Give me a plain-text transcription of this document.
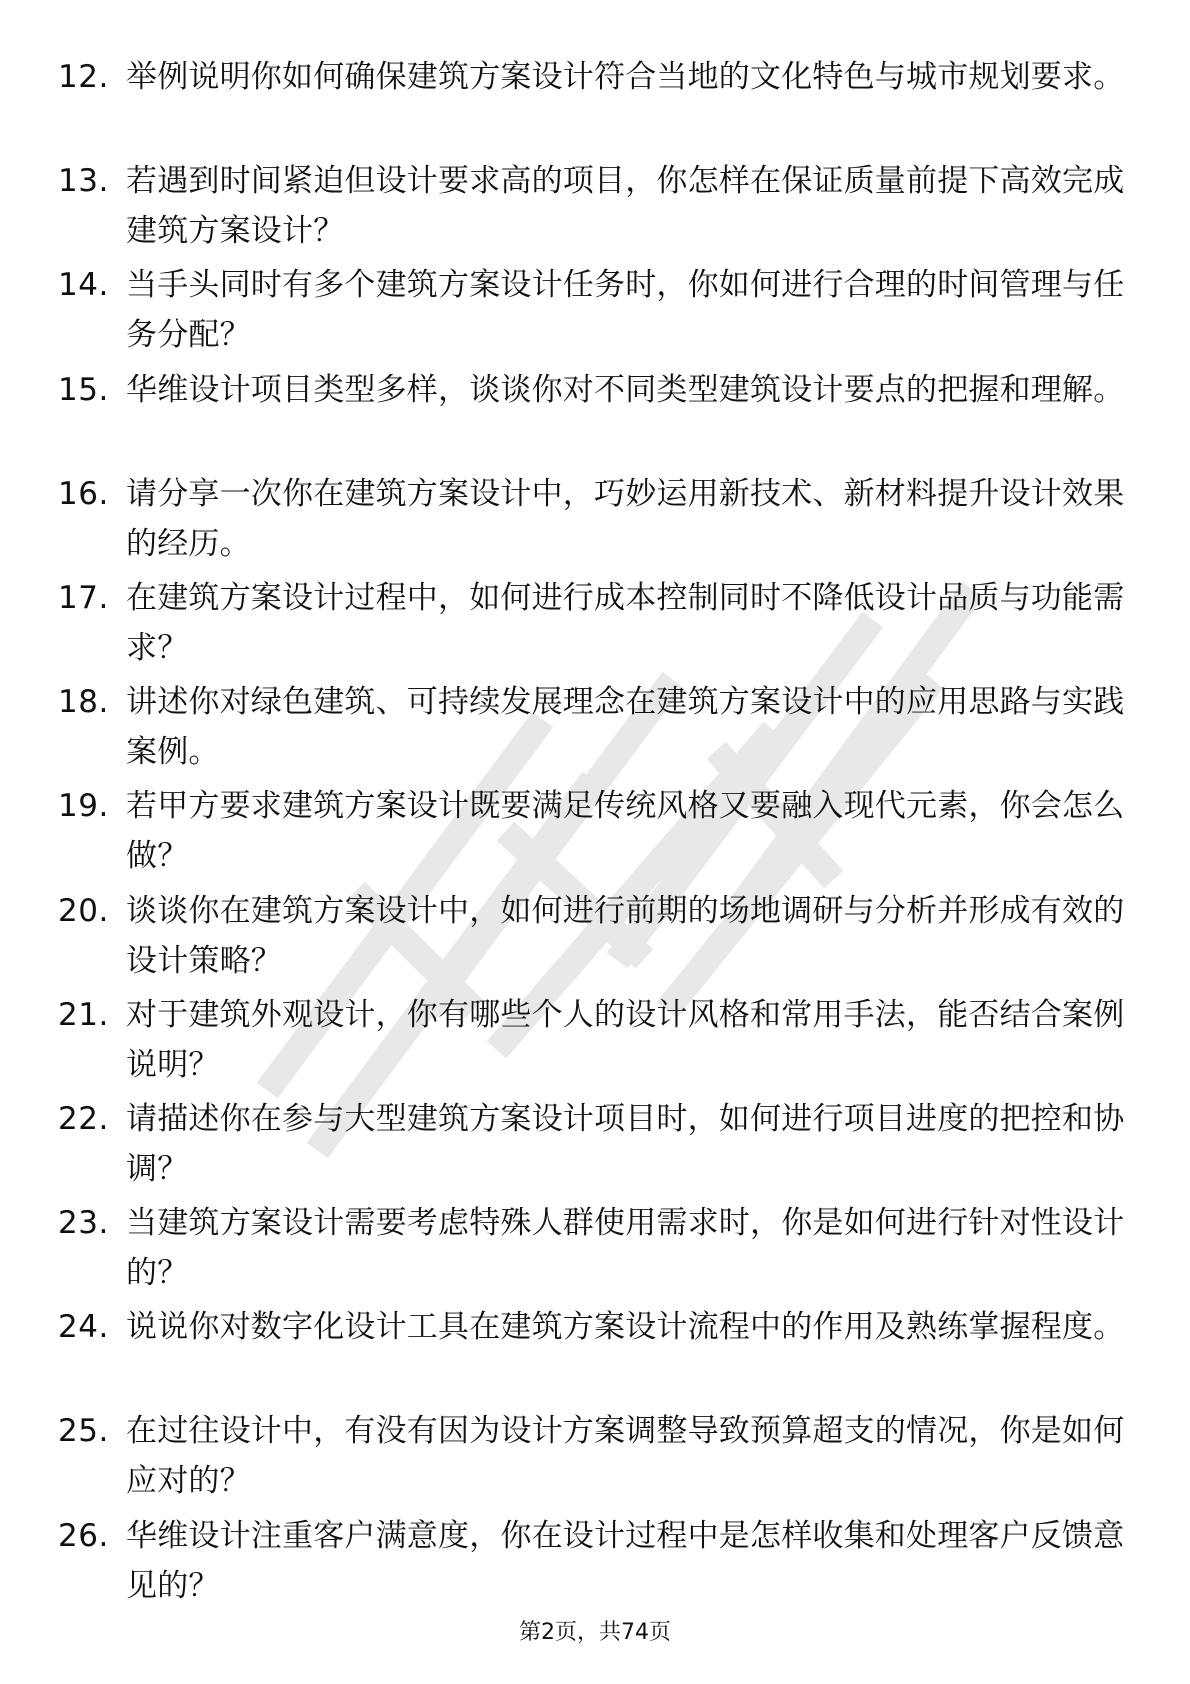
12. 举例说明你如何确保建筑方案设计符合当地的文化特色与城市规划要求。
13. 若遇到时间紧迫但设计要求高的项目，你怎样在保证质量前提下高效完成建筑方案设计？
14. 当手头同时有多个建筑方案设计任务时，你如何进行合理的时间管理与任务分配？
15. 华维设计项目类型多样，谈谈你对不同类型建筑设计要点的把握和理解。
16. 请分享一次你在建筑方案设计中，巧妙运用新技术、新材料提升设计效果的经历。
17. 在建筑方案设计过程中，如何进行成本控制同时不降低设计品质与功能需求？
18. 讲述你对绿色建筑、可持续发展理念在建筑方案设计中的应用思路与实践案例。
19. 若甲方要求建筑方案设计既要满足传统风格又要融入现代元素，你会怎么做？
20. 谈谈你在建筑方案设计中，如何进行前期的场地调研与分析并形成有效的设计策略？
21. 对于建筑外观设计，你有哪些个人的设计风格和常用手法，能否结合案例说明？
22. 请描述你在参与大型建筑方案设计项目时，如何进行项目进度的把控和协调？
23. 当建筑方案设计需要考虑特殊人群使用需求时，你是如何进行针对性设计的？
24. 说说你对数字化设计工具在建筑方案设计流程中的作用及熟练掌握程度。
25. 在过往设计中，有没有因为设计方案调整导致预算超支的情况，你是如何应对的？
26. 华维设计注重客户满意度，你在设计过程中是怎样收集和处理客户反馈意见的？
第2页，共74页
